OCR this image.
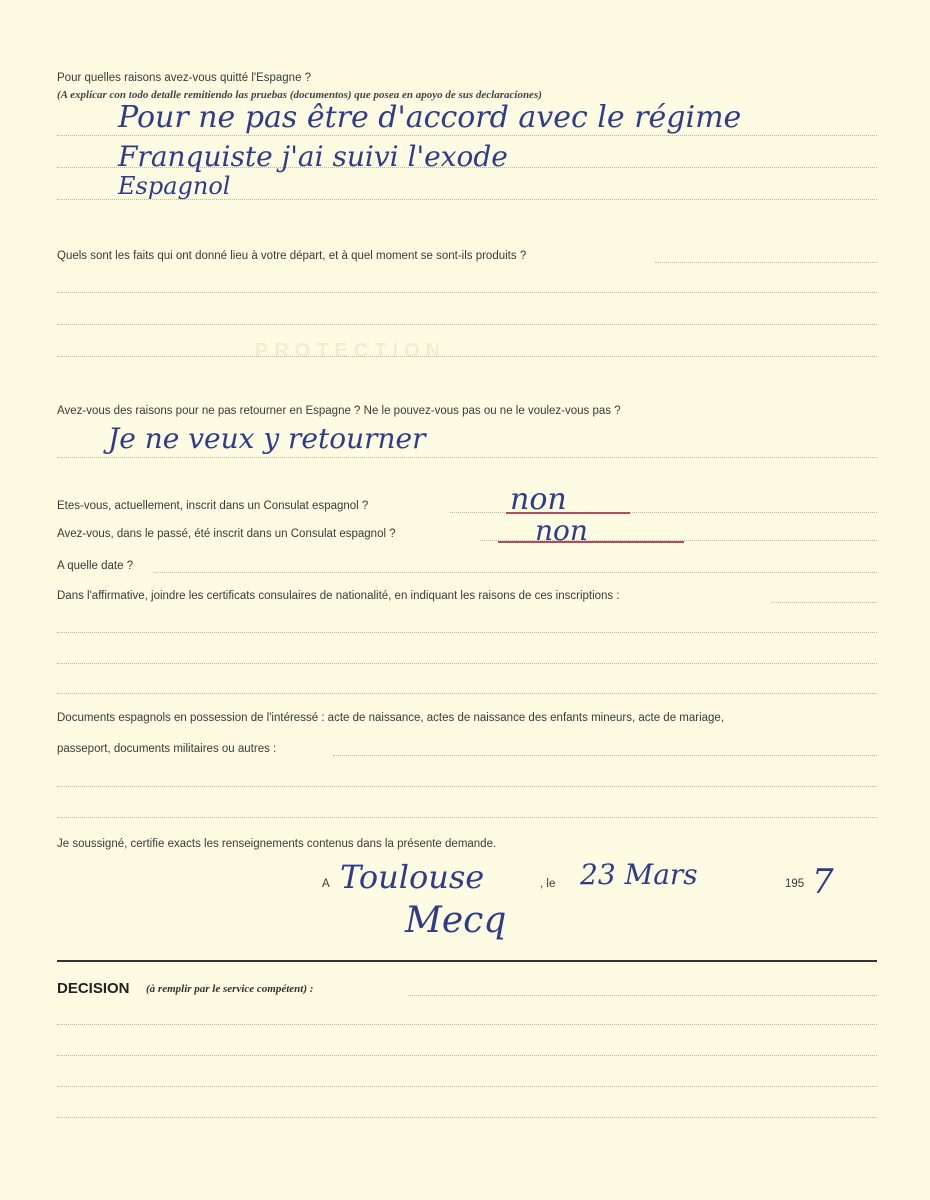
PROTECTION
Pour quelles raisons avez-vous quitté l'Espagne ?
(A explicar con todo detalle remitiendo las pruebas (documentos) que posea en apoyo de sus declaraciones)
Pour ne pas être d'accord avec le régime
Franquiste j'ai suivi l'exode
Espagnol
Quels sont les faits qui ont donné lieu à votre départ, et à quel moment se sont-ils produits ?
Avez-vous des raisons pour ne pas retourner en Espagne ? Ne le pouvez-vous pas ou ne le voulez-vous pas ?
Je ne veux y retourner
Etes-vous, actuellement, inscrit dans un Consulat espagnol ?	non
Avez-vous, dans le passé, été inscrit dans un Consulat espagnol ?	non
A quelle date ?
Dans l'affirmative, joindre les certificats consulaires de nationalité, en indiquant les raisons de ces inscriptions :
Documents espagnols en possession de l'intéressé : acte de naissance, actes de naissance des enfants mineurs, acte de mariage,
passeport, documents militaires ou autres :
Je soussigné, certifie exacts les renseignements contenus dans la présente demande.
A Toulouse	, le 23 Mars	195 7
Mecq
DECISION (à remplir par le service compétent) :
